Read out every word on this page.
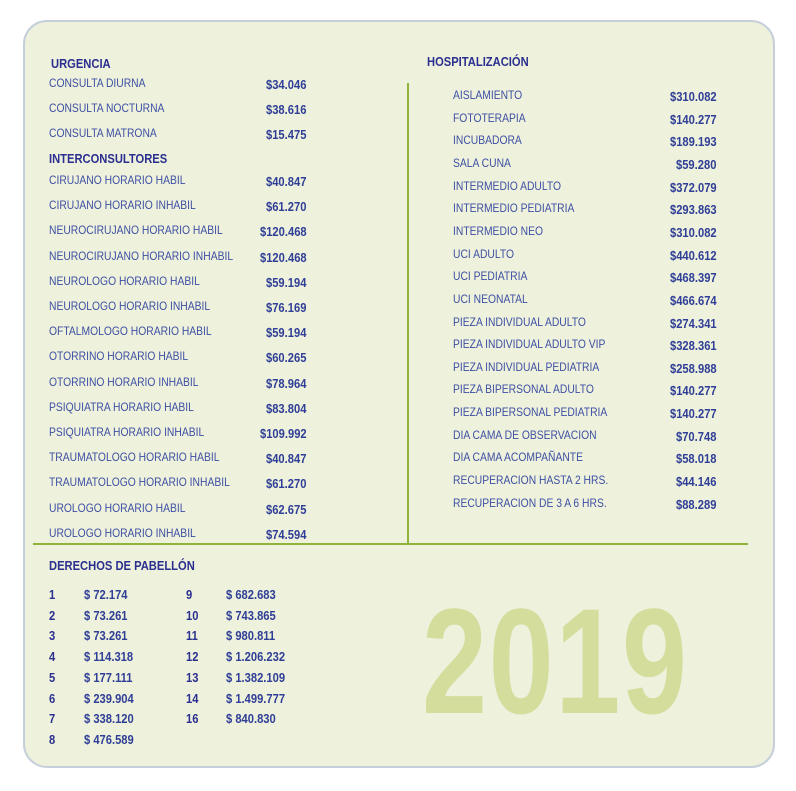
2019
URGENCIA
CONSULTA DIURNA	$34.046
CONSULTA NOCTURNA	$38.616
CONSULTA MATRONA	$15.475
INTERCONSULTORES
CIRUJANO HORARIO HABIL	$40.847
CIRUJANO HORARIO INHABIL	$61.270
NEUROCIRUJANO HORARIO HABIL	$120.468
NEUROCIRUJANO HORARIO INHABIL $120.468
NEUROLOGO HORARIO HABIL	$59.194
NEUROLOGO HORARIO INHABIL	$76.169
OFTALMOLOGO HORARIO HABIL	$59.194
OTORRINO HORARIO HABIL	$60.265
OTORRINO HORARIO INHABIL	$78.964
PSIQUIATRA HORARIO HABIL	$83.804
PSIQUIATRA HORARIO INHABIL	$109.992
TRAUMATOLOGO HORARIO HABIL	$40.847
TRAUMATOLOGO HORARIO INHABIL	$61.270
UROLOGO HORARIO HABIL	$62.675
UROLOGO HORARIO INHABIL	$74.594
HOSPITALIZACIÓN
AISLAMIENTO	$310.082
FOTOTERAPIA	$140.277
INCUBADORA	$189.193
SALA CUNA	$59.280
INTERMEDIO ADULTO	$372.079
INTERMEDIO PEDIATRIA	$293.863
INTERMEDIO NEO	$310.082
UCI ADULTO	$440.612
UCI PEDIATRIA	$468.397
UCI NEONATAL	$466.674
PIEZA INDIVIDUAL ADULTO	$274.341
PIEZA INDIVIDUAL ADULTO VIP	$328.361
PIEZA INDIVIDUAL PEDIATRIA	$258.988
PIEZA BIPERSONAL ADULTO	$140.277
PIEZA BIPERSONAL PEDIATRIA	$140.277
DIA CAMA DE OBSERVACION	$70.748
DIA CAMA ACOMPAÑANTE	$58.018
RECUPERACION HASTA 2 HRS.	$44.146
RECUPERACION DE 3 A 6 HRS.	$88.289
DERECHOS DE PABELLÓN
1 $ 72.174
2 $ 73.261
3 $ 73.261
4 $ 114.318
5 $ 177.111
6 $ 239.904
7 $ 338.120
8 $ 476.589
9	$ 682.683
10 $ 743.865
11 $ 980.811
12 $ 1.206.232
13 $ 1.382.109
14 $ 1.499.777
16 $ 840.830
